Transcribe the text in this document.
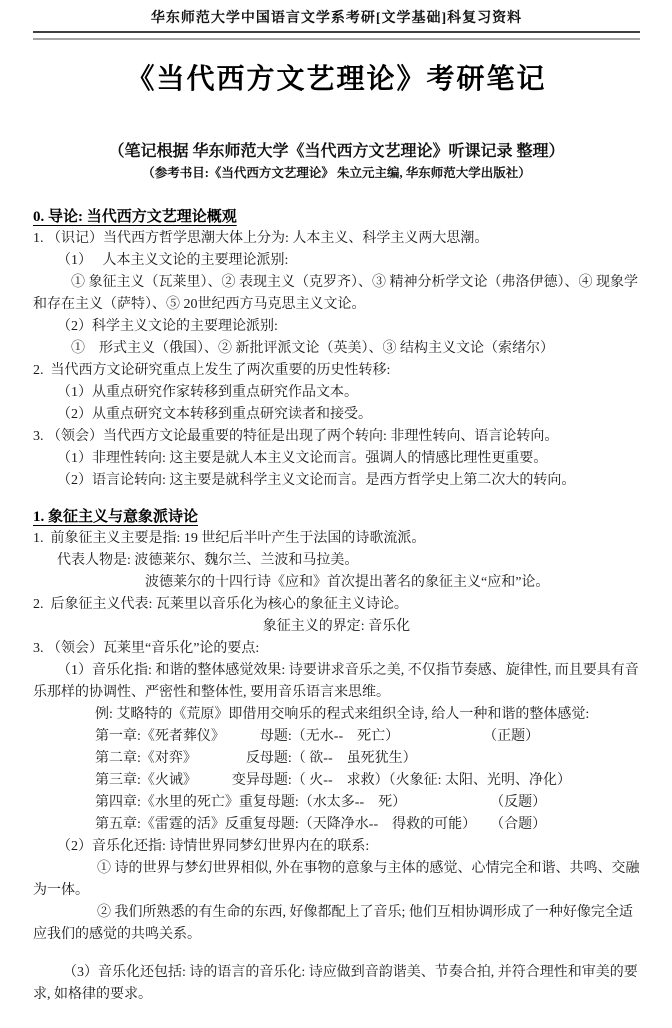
华东师范大学中国语言文学系考研[文学基础]科复习资料
《当代西方文艺理论》考研笔记
（笔记根据 华东师范大学《当代西方文艺理论》听课记录 整理）
（参考书目:《当代西方文艺理论》 朱立元主编, 华东师范大学出版社）
0. 导论: 当代西方文艺理论概观
1. （识记）当代西方哲学思潮大体上分为: 人本主义、科学主义两大思潮。
（1）　 人本主义文论的主要理论派别:
① 象征主义（瓦莱里）、② 表现主义（克罗齐）、③ 精神分析学文论（弗洛伊德）、④ 现象学和存在主义（萨特）、⑤ 20世纪西方马克思主义文论。
（2）科学主义文论的主要理论派别:
①　形式主义（俄国）、② 新批评派文论（英美）、③ 结构主义文论（索绪尔）
2.  当代西方文论研究重点上发生了两次重要的历史性转移:
（1）从重点研究作家转移到重点研究作品文本。
（2）从重点研究文本转移到重点研究读者和接受。
3. （领会）当代西方文论最重要的特征是出现了两个转向: 非理性转向、语言论转向。
（1）非理性转向: 这主要是就人本主义文论而言。强调人的情感比理性更重要。
（2）语言论转向: 这主要是就科学主义文论而言。是西方哲学史上第二次大的转向。
1. 象征主义与意象派诗论
1.  前象征主义主要是指: 19 世纪后半叶产生于法国的诗歌流派。
代表人物是: 波德莱尔、魏尔兰、兰波和马拉美。
波德莱尔的十四行诗《应和》首次提出著名的象征主义“应和”论。
2.  后象征主义代表: 瓦莱里以音乐化为核心的象征主义诗论。
象征主义的界定: 音乐化
3. （领会）瓦莱里“音乐化”论的要点:
（1）音乐化指: 和谐的整体感觉效果: 诗要讲求音乐之美, 不仅指节奏感、旋律性, 而且要具有音乐那样的协调性、严密性和整体性, 要用音乐语言来思维。
例: 艾略特的《荒原》即借用交响乐的程式来组织全诗, 给人一种和谐的整体感觉:
第一章:《死者葬仪》　　　母题:（无水--　死亡）　　　　　　　（正题）
第二章:《对弈》　　　　反母题:（ 欲--　虽死犹生）
第三章:《火诫》　　　变异母题:（ 火--　求救）（火象征: 太阳、光明、净化）
第四章:《水里的死亡》重复母题:（水太多--　死）　　　　　　　（反题）
第五章:《雷霆的活》反重复母题:（天降净水--　得救的可能）　　（合题）
（2）音乐化还指: 诗情世界同梦幻世界内在的联系:
① 诗的世界与梦幻世界相似, 外在事物的意象与主体的感觉、心情完全和谐、共鸣、交融为一体。
② 我们所熟悉的有生命的东西, 好像都配上了音乐; 他们互相协调形成了一种好像完全适应我们的感觉的共鸣关系。
（3）音乐化还包括: 诗的语言的音乐化: 诗应做到音韵谐美、节奏合拍, 并符合理性和审美的要求, 如格律的要求。
